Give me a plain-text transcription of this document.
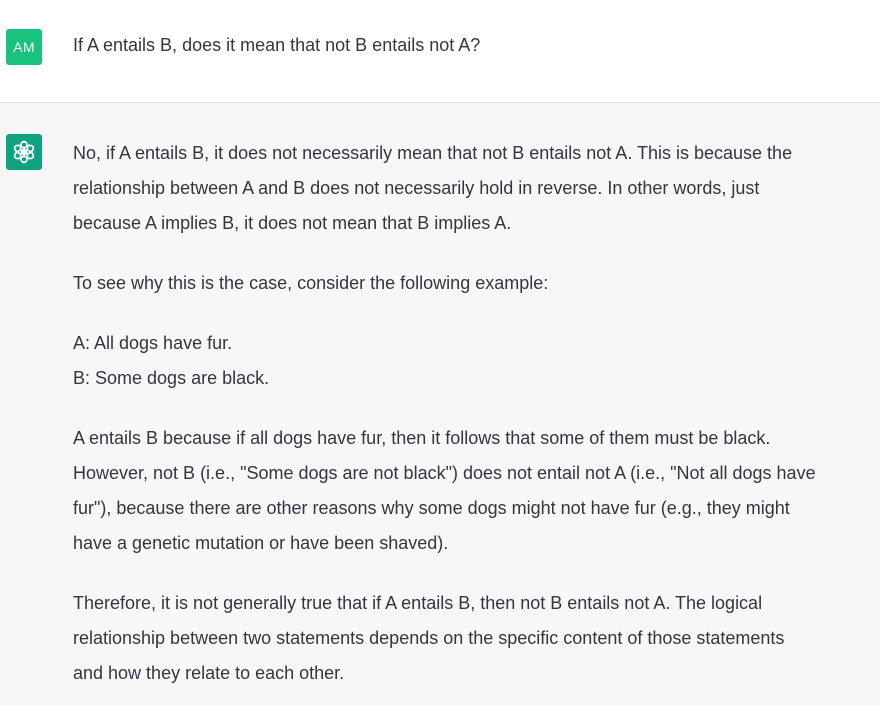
AM If A entails B, does it mean that not B entails not A?

No, if A entails B, it does not necessarily mean that not B entails not A. This is because the
relationship between A and B does not necessarily hold in reverse. In other words, just
because A implies B, it does not mean that B implies A.

To see why this is the case, consider the following example:

A: All dogs have fur.
B: Some dogs are black.

A entails B because if all dogs have fur, then it follows that some of them must be black.
However, not B (i.e., "Some dogs are not black") does not entail not A (i.e., "Not all dogs have
fur"), because there are other reasons why some dogs might not have fur (e.g., they might
have a genetic mutation or have been shaved).

Therefore, it is not generally true that if A entails B, then not B entails not A. The logical
relationship between two statements depends on the specific content of those statements
and how they relate to each other.
